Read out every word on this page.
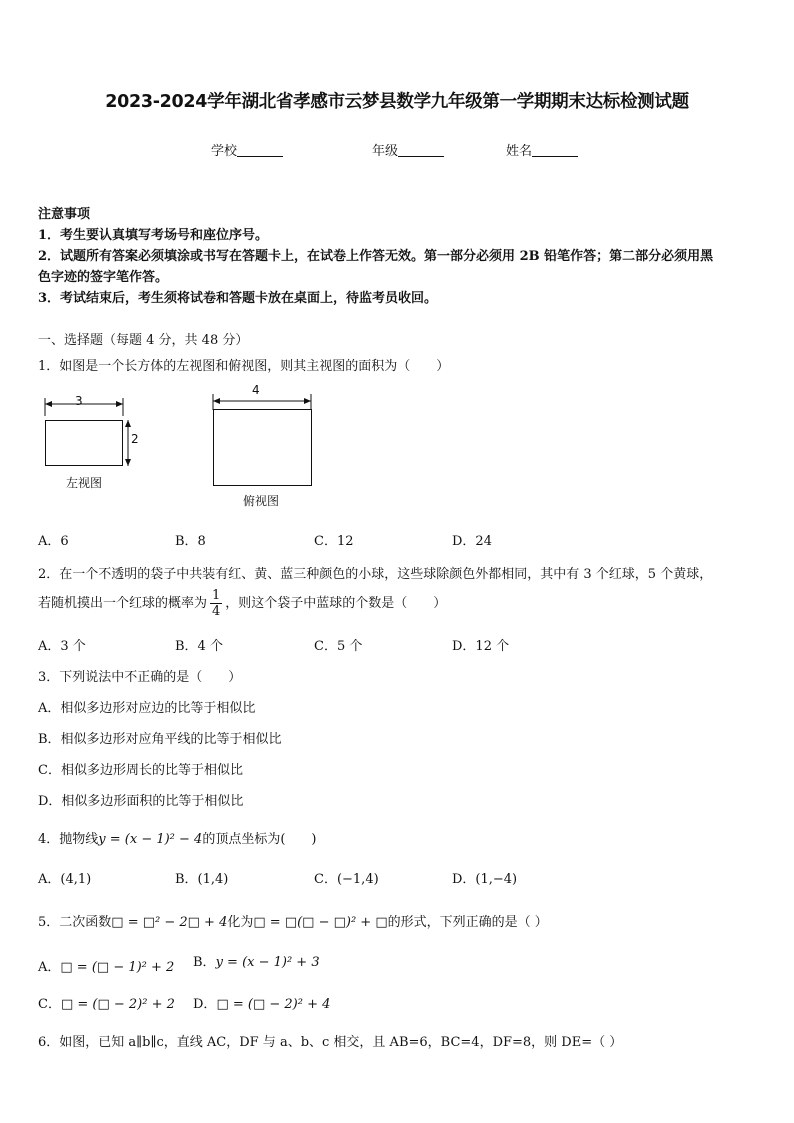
2023-2024学年湖北省孝感市云梦县数学九年级第一学期期末达标检测试题
学校	年级	姓名
注意事项
1．考生要认真填写考场号和座位序号。
2．试题所有答案必须填涂或书写在答题卡上，在试卷上作答无效。第一部分必须用 2B 铅笔作答；第二部分必须用黑
色字迹的签字笔作答。
3．考试结束后，考生须将试卷和答题卡放在桌面上，待监考员收回。
一、选择题（每题 4 分，共 48 分）
1．如图是一个长方体的左视图和俯视图，则其主视图的面积为（　　）
3
2
左视图
4
俯视图
A．6	B．8	C．12	D．24
2．在一个不透明的袋子中共装有红、黄、蓝三种颜色的小球，这些球除颜色外都相同，其中有 3 个红球，5 个黄球，
若随机摸出一个红球的概率为 $\frac{1}{4}$ ，则这个袋子中蓝球的个数是（　　）
A．3 个	B．4 个	C．5 个	D．12 个
3．下列说法中不正确的是（　　）
A．相似多边形对应边的比等于相似比
B．相似多边形对应角平线的比等于相似比
C．相似多边形周长的比等于相似比
D．相似多边形面积的比等于相似比
4．抛物线y = (x − 1)² − 4的顶点坐标为(　　)
A．(4,1)	B．(1,4)	C．(−1,4)	D．(1,−4)
5．二次函数□ = □² − 2□ + 4化为□ = □(□ − □)² + □的形式，下列正确的是（ ）
A．□ = (□ − 1)² + 2 B．y = (x − 1)² + 3
C．□ = (□ − 2)² + 2 D．□ = (□ − 2)² + 4
6．如图，已知 a∥b∥c，直线 AC，DF 与 a、b、c 相交，且 AB=6，BC=4，DF=8，则 DE=（ ）
